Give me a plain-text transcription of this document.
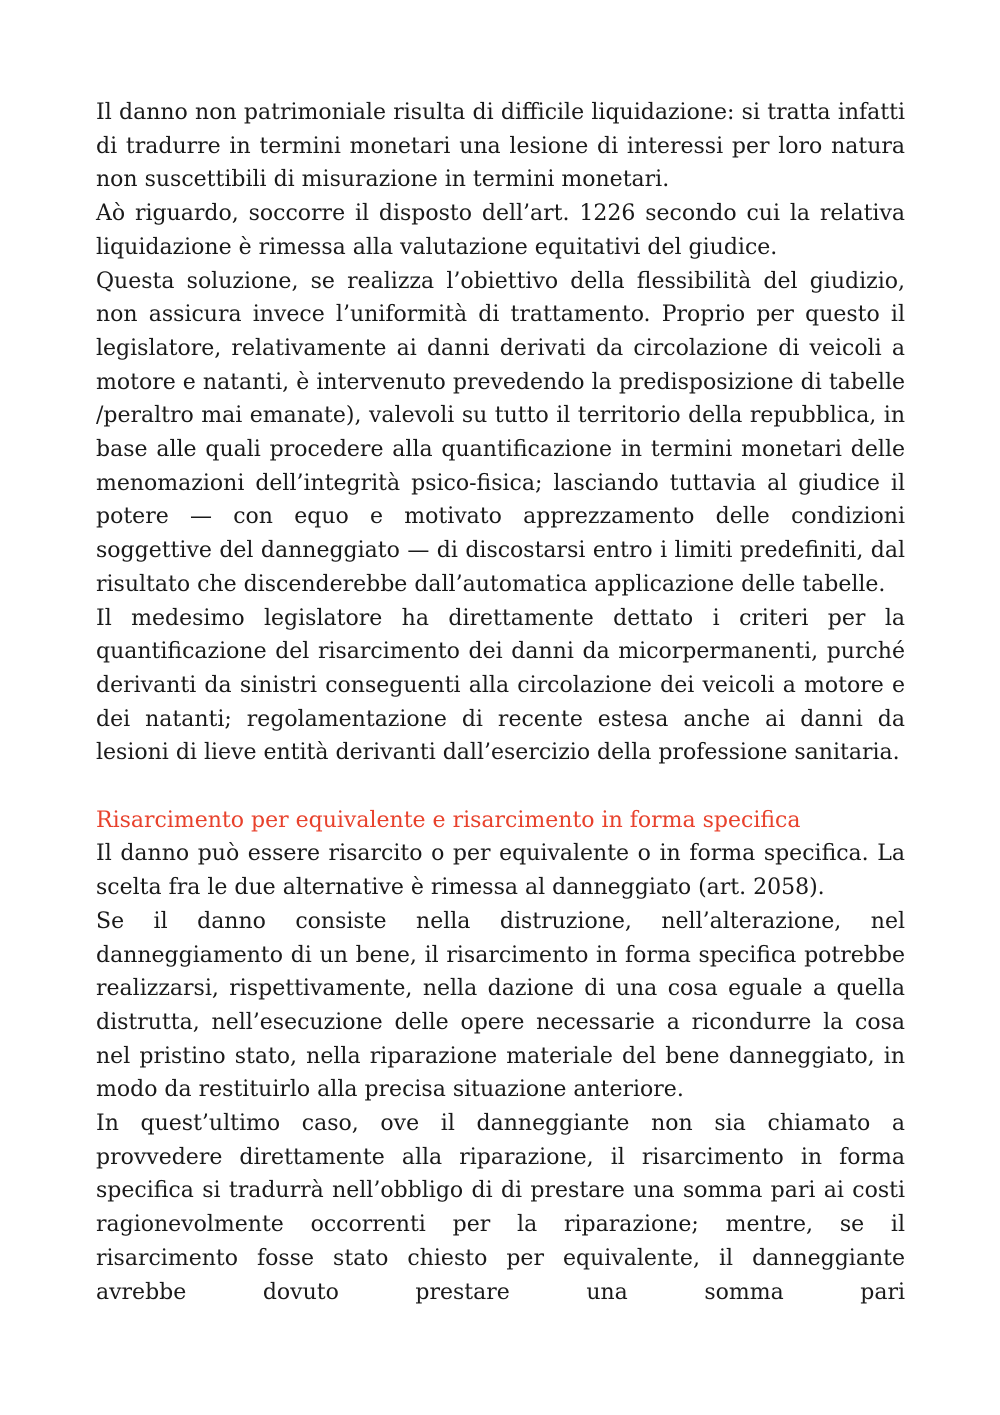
Il danno non patrimoniale risulta di difficile liquidazione: si tratta infatti di tradurre in termini monetari una lesione di interessi per loro natura non suscettibili di misurazione in termini monetari.

Aò riguardo, soccorre il disposto dell’art. 1226 secondo cui la relativa liquidazione è rimessa alla valutazione equitativi del giudice.

Questa soluzione, se realizza l’obiettivo della flessibilità del giudizio, non assicura invece l’uniformità di trattamento. Proprio per questo il legislatore, relativamente ai danni derivati da circolazione di veicoli a motore e natanti, è intervenuto prevedendo la predisposizione di tabelle /peraltro mai emanate), valevoli su tutto il territorio della repubblica, in base alle quali procedere alla quantificazione in termini monetari delle menomazioni dell’integrità psico-fisica; lasciando tuttavia al giudice il potere — con equo e motivato apprezzamento delle condizioni soggettive del danneggiato — di discostarsi entro i limiti predefiniti, dal risultato che discenderebbe dall’automatica applicazione delle tabelle.

Il medesimo legislatore ha direttamente dettato i criteri per la quantificazione del risarcimento dei danni da micorpermanenti, purché derivanti da sinistri conseguenti alla circolazione dei veicoli a motore e dei natanti; regolamentazione di recente estesa anche ai danni da lesioni di lieve entità derivanti dall’esercizio della professione sanitaria.

Risarcimento per equivalente e risarcimento in forma specifica

Il danno può essere risarcito o per equivalente o in forma specifica. La scelta fra le due alternative è rimessa al danneggiato (art. 2058).

Se il danno consiste nella distruzione, nell’alterazione, nel danneggiamento di un bene, il risarcimento in forma specifica potrebbe realizzarsi, rispettivamente, nella dazione di una cosa eguale a quella distrutta, nell’esecuzione delle opere necessarie a ricondurre la cosa nel pristino stato, nella riparazione materiale del bene danneggiato, in modo da restituirlo alla precisa situazione anteriore.

In quest’ultimo caso, ove il danneggiante non sia chiamato a provvedere direttamente alla riparazione, il risarcimento in forma specifica si tradurrà nell’obbligo di di prestare una somma pari ai costi ragionevolmente occorrenti per la riparazione; mentre, se il risarcimento fosse stato chiesto per equivalente, il danneggiante avrebbe dovuto prestare una somma pari
